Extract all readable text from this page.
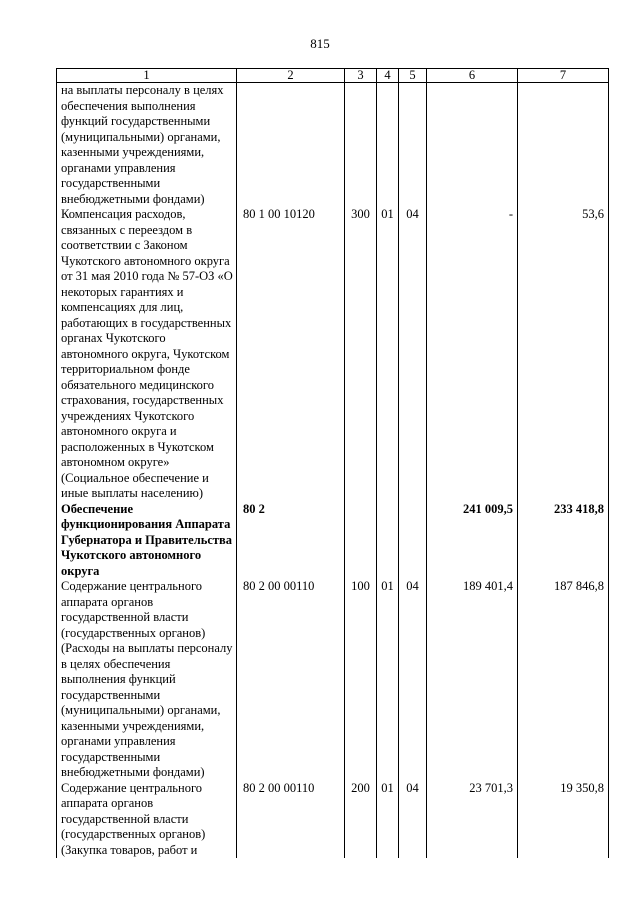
815
1	2	3	4	5	6	7
на выплаты персоналу в целях обеспечения выполнения функций государственными (муниципальными) органами, казенными учреждениями, органами управления государственными внебюджетными фондами)						
Компенсация расходов, связанных с переездом в соответствии с Законом Чукотского автономного округа от 31 мая 2010 года № 57-ОЗ «О некоторых гарантиях и компенсациях для лиц, работающих в государственных органах Чукотского автономного округа, Чукотском территориальном фонде обязательного медицинского страхования, государственных учреждениях Чукотского автономного округа и расположенных в Чукотском автономном округе» (Социальное обеспечение и иные выплаты населению)	80 1 00 10120	300	01	04	-	53,6
Обеспечение функционирования Аппарата Губернатора и Правительства Чукотского автономного округа	80 2				241 009,5	233 418,8
Содержание центрального аппарата органов государственной власти (государственных органов) (Расходы на выплаты персоналу в целях обеспечения выполнения функций государственными (муниципальными) органами, казенными учреждениями, органами управления государственными внебюджетными фондами)	80 2 00 00110	100	01	04	189 401,4	187 846,8
Содержание центрального аппарата органов государственной власти (государственных органов) (Закупка товаров, работ и	80 2 00 00110	200	01	04	23 701,3	19 350,8
